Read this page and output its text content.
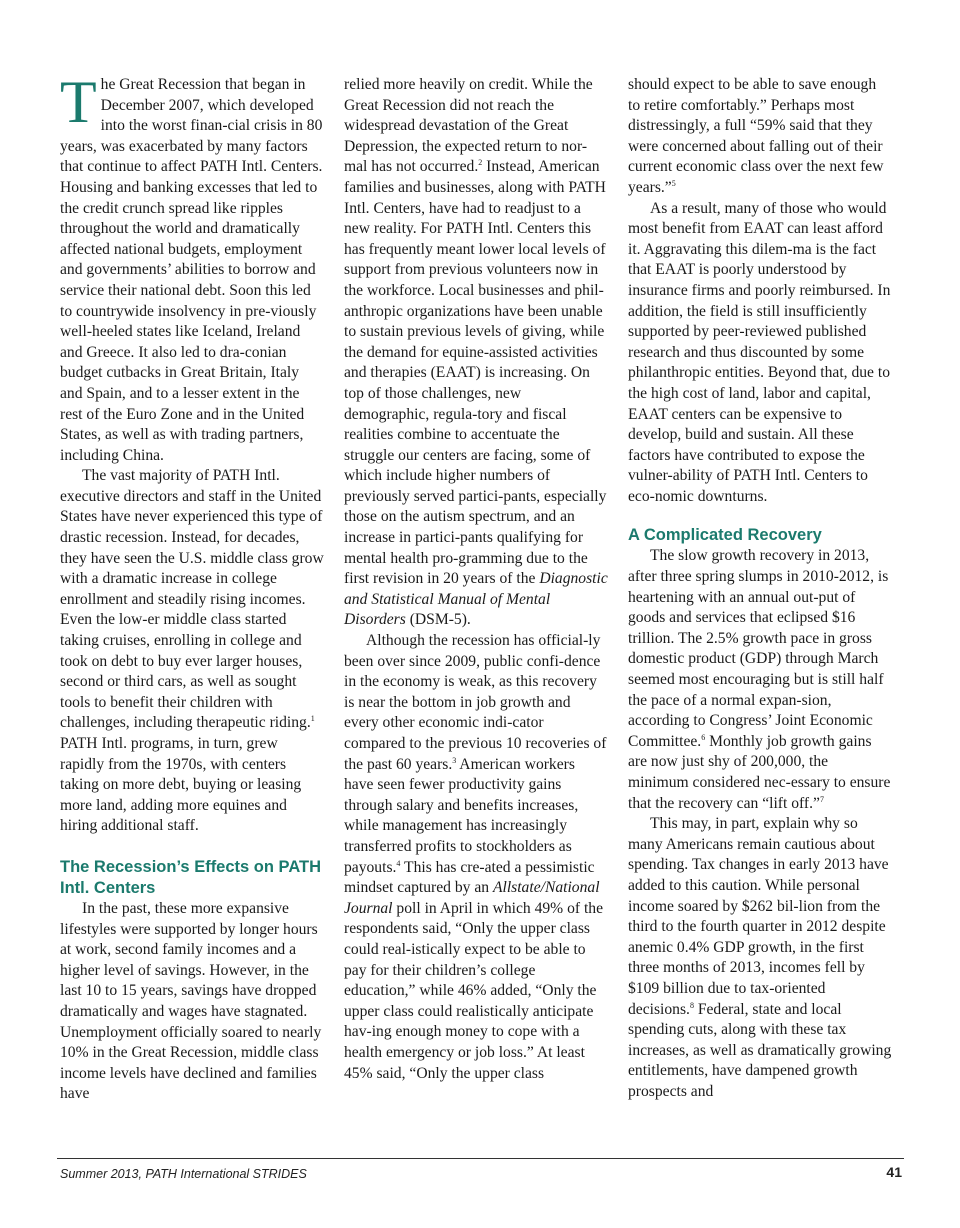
The Great Recession that began in December 2007, which developed into the worst finan-cial crisis in 80 years, was exacerbated by many factors that continue to affect PATH Intl. Centers. Housing and banking excesses that led to the credit crunch spread like ripples throughout the world and dramatically affected national budgets, employment and governments’ abilities to borrow and service their national debt. Soon this led to countrywide insolvency in pre-viously well-heeled states like Iceland, Ireland and Greece. It also led to dra-conian budget cutbacks in Great Britain, Italy and Spain, and to a lesser extent in the rest of the Euro Zone and in the United States, as well as with trading partners, including China.

The vast majority of PATH Intl. executive directors and staff in the United States have never experienced this type of drastic recession. Instead, for decades, they have seen the U.S. middle class grow with a dramatic increase in college enrollment and steadily rising incomes. Even the low-er middle class started taking cruises, enrolling in college and took on debt to buy ever larger houses, second or third cars, as well as sought tools to benefit their children with challenges, including therapeutic riding.$^1$ PATH Intl. programs, in turn, grew rapidly from the 1970s, with centers taking on more debt, buying or leasing more land, adding more equines and hiring additional staff.

The Recession’s Effects on PATH Intl. Centers

In the past, these more expansive lifestyles were supported by longer hours at work, second family incomes and a higher level of savings. However, in the last 10 to 15 years, savings have dropped dramatically and wages have stagnated. Unemployment officially soared to nearly 10% in the Great Recession, middle class income levels have declined and families have

relied more heavily on credit. While the Great Recession did not reach the widespread devastation of the Great Depression, the expected return to nor-mal has not occurred.$^2$ Instead, American families and businesses, along with PATH Intl. Centers, have had to readjust to a new reality. For PATH Intl. Centers this has frequently meant lower local levels of support from previous volunteers now in the workforce. Local businesses and phil-anthropic organizations have been unable to sustain previous levels of giving, while the demand for equine-assisted activities and therapies (EAAT) is increasing. On top of those challenges, new demographic, regula-tory and fiscal realities combine to accentuate the struggle our centers are facing, some of which include higher numbers of previously served partici-pants, especially those on the autism spectrum, and an increase in partici-pants qualifying for mental health pro-gramming due to the first revision in 20 years of the Diagnostic and Statistical Manual of Mental Disorders (DSM-5).

Although the recession has official-ly been over since 2009, public confi-dence in the economy is weak, as this recovery is near the bottom in job growth and every other economic indi-cator compared to the previous 10 recoveries of the past 60 years.$^3$ American workers have seen fewer productivity gains through salary and benefits increases, while management has increasingly transferred profits to stockholders as payouts.$^4$ This has cre-ated a pessimistic mindset captured by an Allstate/National Journal poll in April in which 49% of the respondents said, “Only the upper class could real-istically expect to be able to pay for their children’s college education,” while 46% added, “Only the upper class could realistically anticipate hav-ing enough money to cope with a health emergency or job loss.” At least 45% said, “Only the upper class

should expect to be able to save enough to retire comfortably.” Perhaps most distressingly, a full “59% said that they were concerned about falling out of their current economic class over the next few years.”$^5$

As a result, many of those who would most benefit from EAAT can least afford it. Aggravating this dilem-ma is the fact that EAAT is poorly understood by insurance firms and poorly reimbursed. In addition, the field is still insufficiently supported by peer-reviewed published research and thus discounted by some philanthropic entities. Beyond that, due to the high cost of land, labor and capital, EAAT centers can be expensive to develop, build and sustain. All these factors have contributed to expose the vulner-ability of PATH Intl. Centers to eco-nomic downturns.

A Complicated Recovery

The slow growth recovery in 2013, after three spring slumps in 2010-2012, is heartening with an annual out-put of goods and services that eclipsed $16 trillion. The 2.5% growth pace in gross domestic product (GDP) through March seemed most encouraging but is still half the pace of a normal expan-sion, according to Congress’ Joint Economic Committee.$^6$ Monthly job growth gains are now just shy of 200,000, the minimum considered nec-essary to ensure that the recovery can “lift off.”$^7$

This may, in part, explain why so many Americans remain cautious about spending. Tax changes in early 2013 have added to this caution. While personal income soared by $262 bil-lion from the third to the fourth quarter in 2012 despite anemic 0.4% GDP growth, in the first three months of 2013, incomes fell by $109 billion due to tax-oriented decisions.$^8$ Federal, state and local spending cuts, along with these tax increases, as well as dramatically growing entitlements, have dampened growth prospects and

Summer 2013, PATH International STRIDES	41
